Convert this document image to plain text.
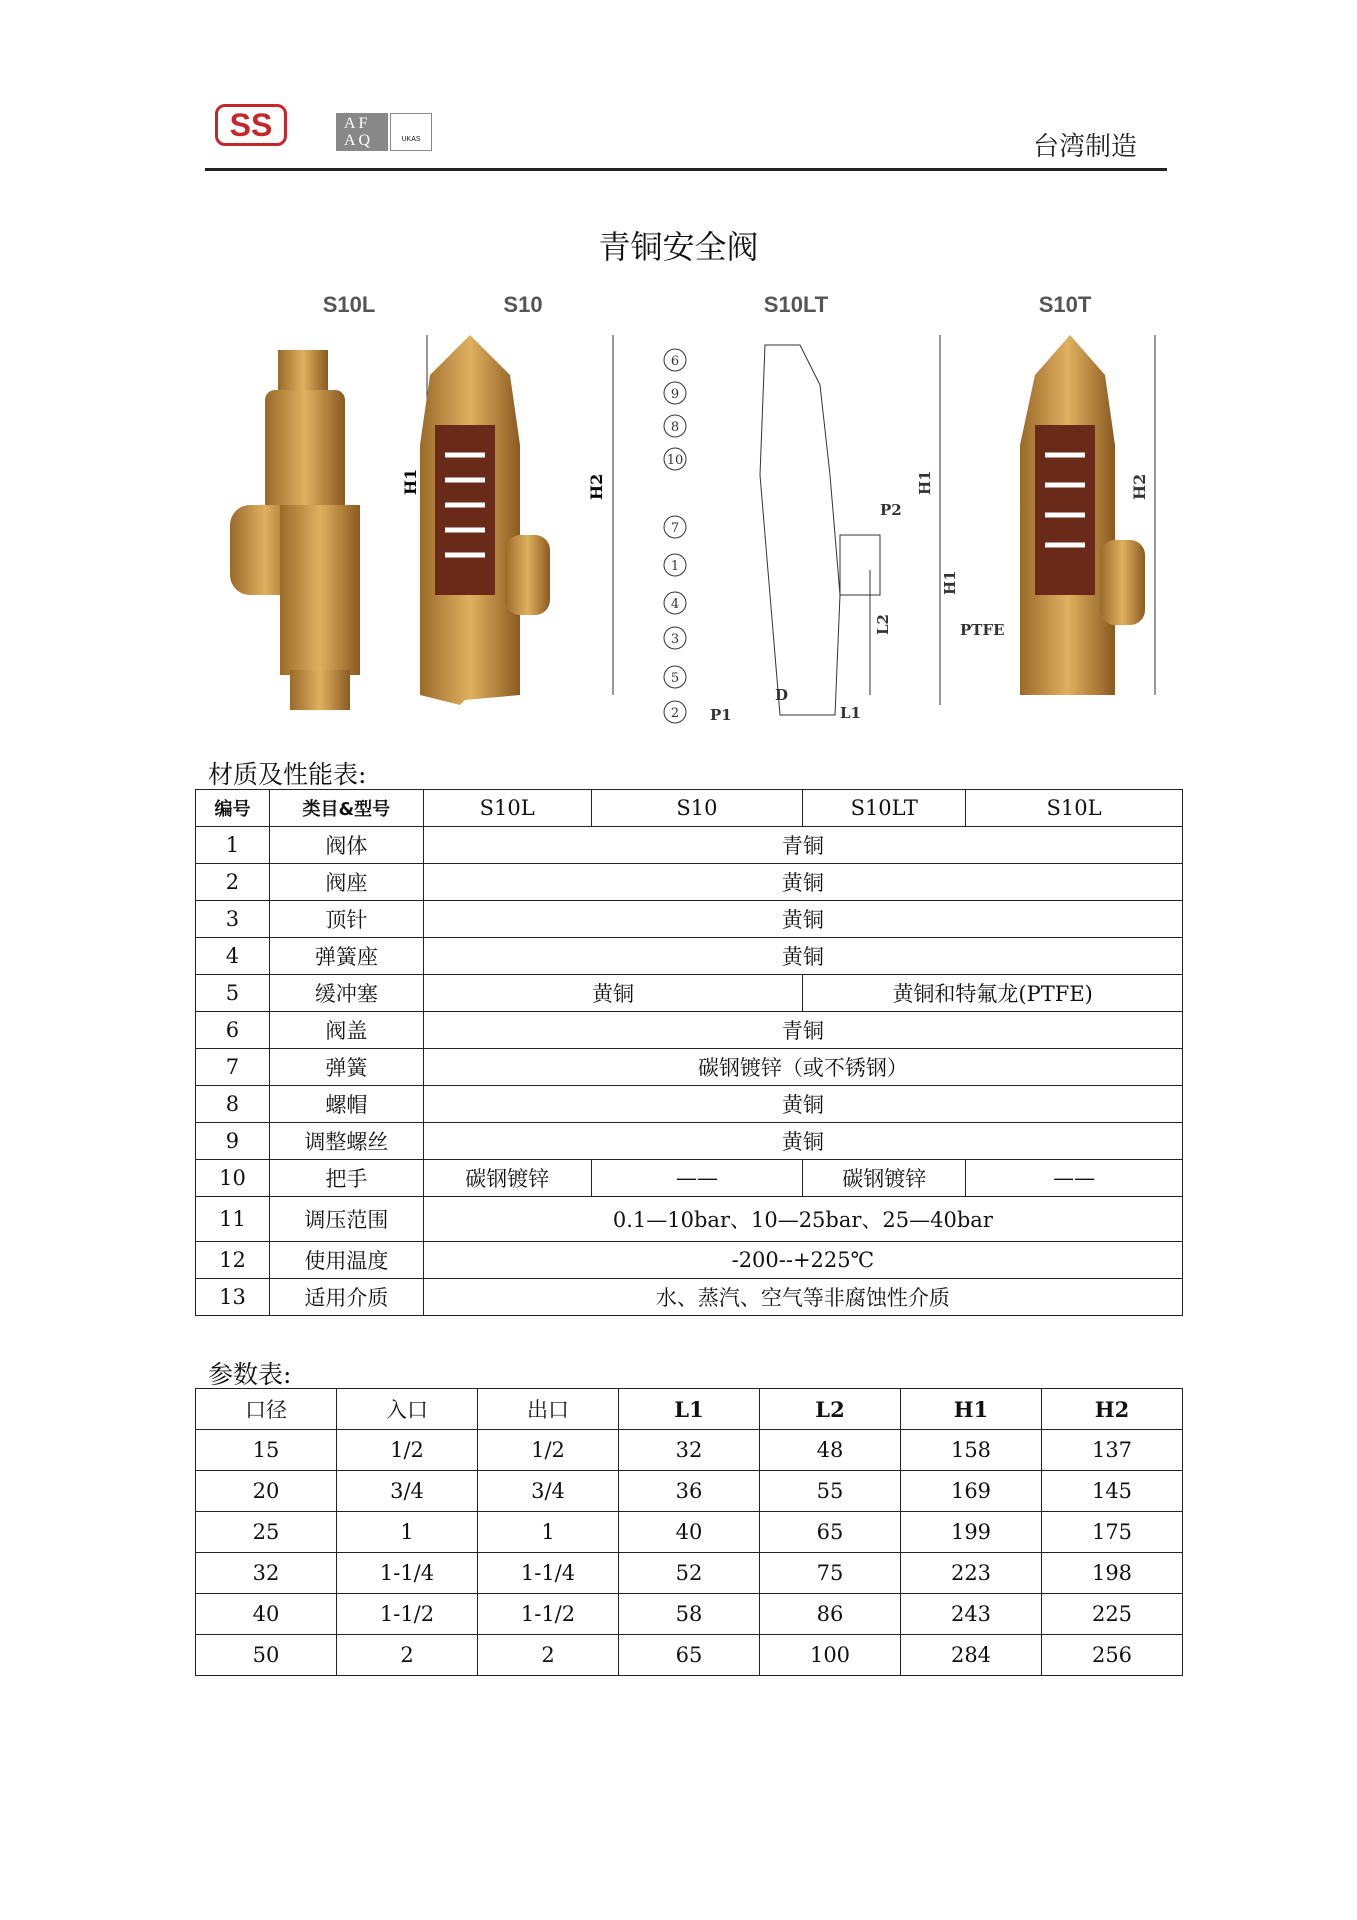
SS	AFAQ	UKAS	台湾制造
青铜安全阀
S10L	S10	S10LT	S10T
H1	H2	H1
H1
H2
L2
P1
P2
D
L1
PTFE
6
9
8
10
7
1
4
3
5
2
材质及性能表:
编号	类目&型号	S10L	S10	S10LT	S10L
1	阀体	青铜			
2	阀座	黄铜			
3	顶针	黄铜			
4	弹簧座	黄铜			
5	缓冲塞	黄铜		黄铜和特氟龙(PTFE)	
6	阀盖	青铜			
7	弹簧	碳钢镀锌（或不锈钢）			
8	螺帽	黄铜			
9	调整螺丝	黄铜			
10	把手	碳钢镀锌	——	碳钢镀锌	——
11	调压范围	0.1—10bar、10—25bar、25—40bar			
12	使用温度	-200--+225℃			
13	适用介质	水、蒸汽、空气等非腐蚀性介质			
参数表:
口径	入口	出口	L1	L2	H1	H2
15	1/2	1/2	32	48	158	137
20	3/4	3/4	36	55	169	145
25	1	1	40	65	199	175
32	1-1/4	1-1/4	52	75	223	198
40	1-1/2	1-1/2	58	86	243	225
50	2	2	65	100	284	256
